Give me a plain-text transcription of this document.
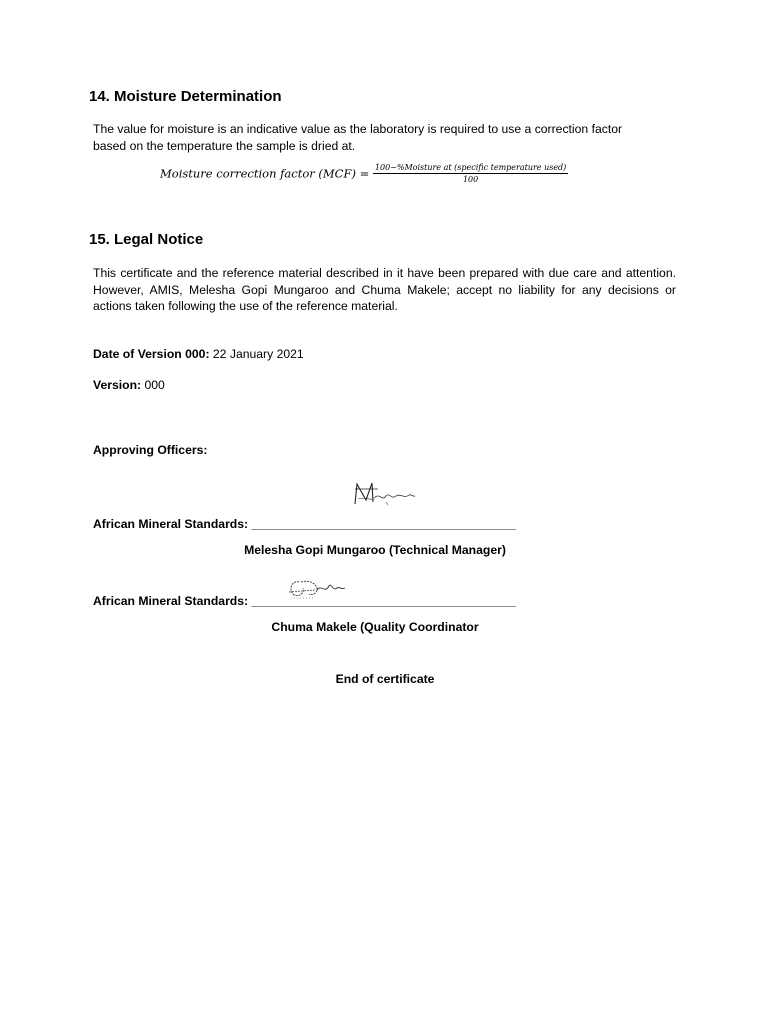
14. Moisture Determination
The value for moisture is an indicative value as the laboratory is required to use a correction factor
based on the temperature the sample is dried at.
Moisture correction factor $(MCF) = \frac{\text{100−\%Moisture at (specific temperature used)}}{100}$
15. Legal Notice
This certificate and the reference material described in it have been prepared with due care and attention. However, AMIS, Melesha Gopi Mungaroo and Chuma Makele; accept no liability for any decisions or actions taken following the use of the reference material.
Date of Version 000: 22 January 2021
Version: 000
Approving Officers:
African Mineral Standards: _______________________________________
Melesha Gopi Mungaroo (Technical Manager)
African Mineral Standards: _______________________________________
Chuma Makele (Quality Coordinator
End of certificate
